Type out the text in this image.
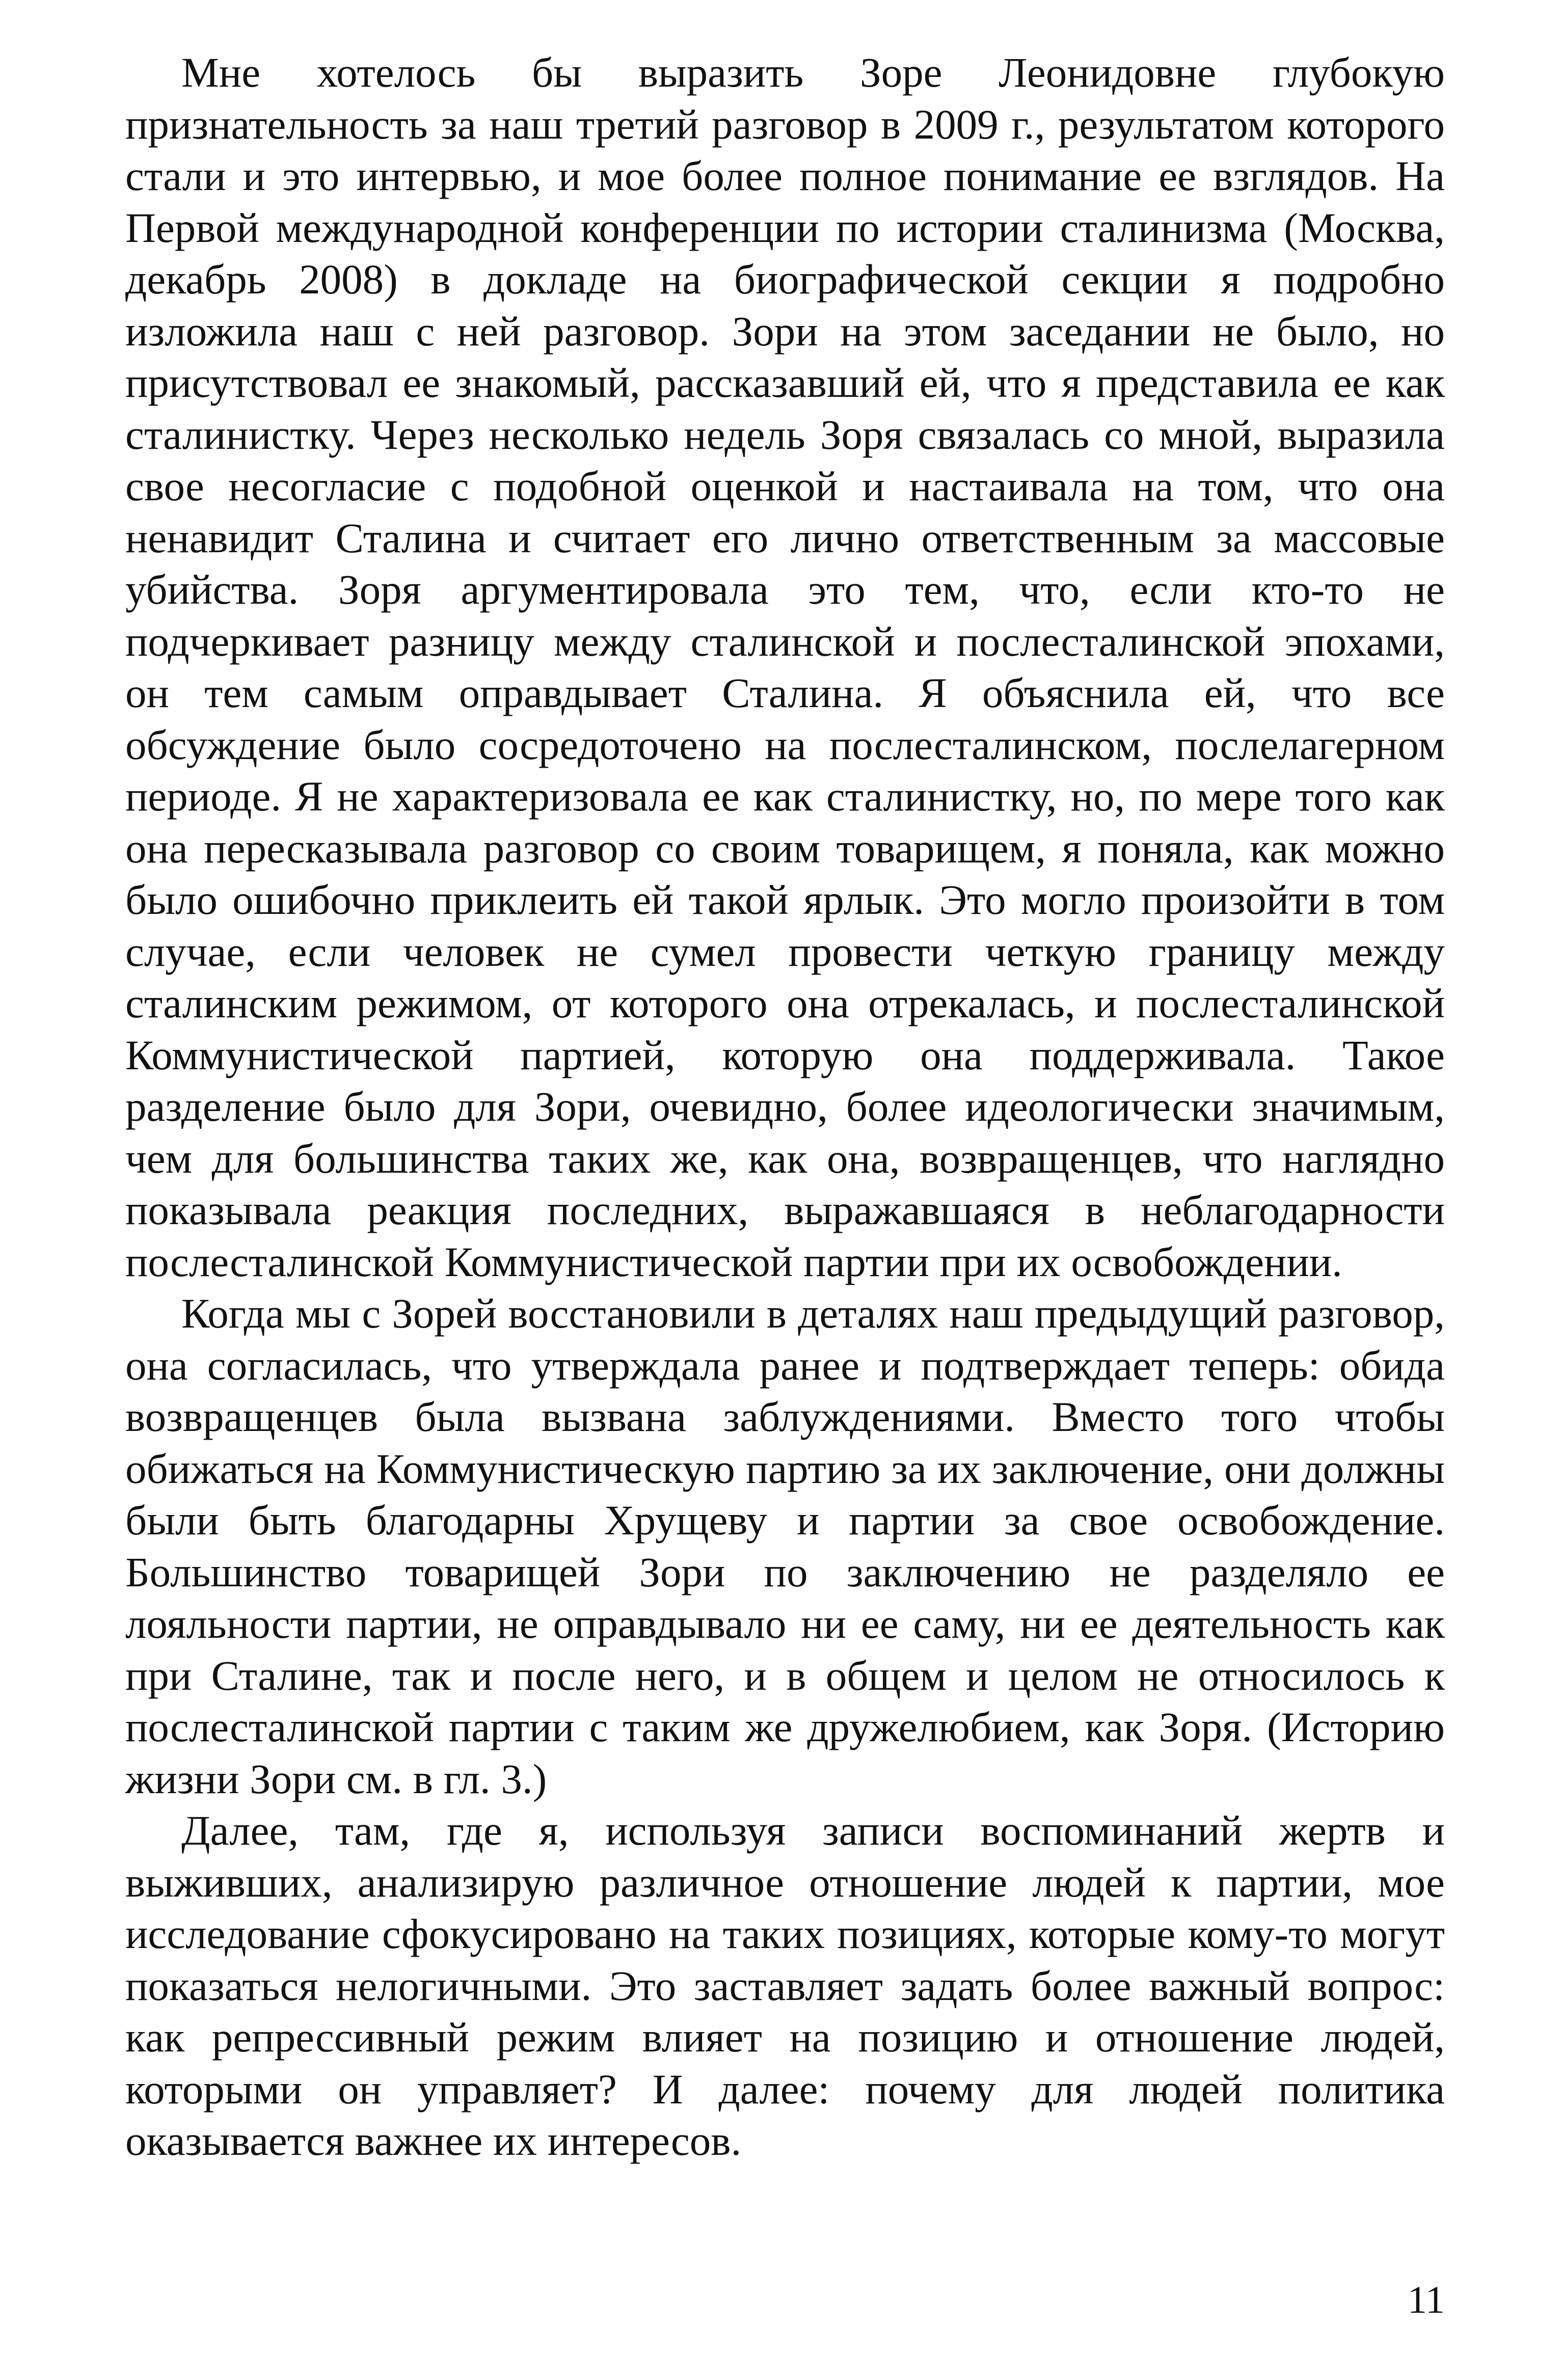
Мне хотелось бы выразить Зоре Леонидовне глубокую признательность за наш третий разговор в 2009 г., результатом которого стали и это интервью, и мое более полное понимание ее взглядов. На Первой международной конференции по истории сталинизма (Москва, декабрь 2008) в докладе на биографической секции я подробно изложила наш с ней разговор. Зори на этом заседании не было, но присутствовал ее знакомый, рассказавший ей, что я представила ее как сталинистку. Через несколько недель Зоря связалась со мной, выразила свое несогласие с подобной оценкой и настаивала на том, что она ненавидит Сталина и считает его лично ответственным за массовые убийства. Зоря аргументировала это тем, что, если кто-то не подчеркивает разницу между сталинской и послесталинской эпохами, он тем самым оправдывает Сталина. Я объяснила ей, что все обсуждение было сосредоточено на послесталинском, послелагерном периоде. Я не характеризовала ее как сталинистку, но, по мере того как она пересказывала разговор со своим товарищем, я поняла, как можно было ошибочно приклеить ей такой ярлык. Это могло произойти в том случае, если человек не сумел провести четкую границу между сталинским режимом, от которого она отрекалась, и послесталинской Коммунистической партией, которую она поддерживала. Такое разделение было для Зори, очевидно, более идеологически значимым, чем для большинства таких же, как она, возвращенцев, что наглядно показывала реакция последних, выражавшаяся в неблагодарности послесталинской Коммунистической партии при их освобождении.

Когда мы с Зорей восстановили в деталях наш предыдущий разговор, она согласилась, что утверждала ранее и подтверждает теперь: обида возвращенцев была вызвана заблуждениями. Вместо того чтобы обижаться на Коммунистическую партию за их заключение, они должны были быть благодарны Хрущеву и партии за свое освобождение. Большинство товарищей Зори по заключению не разделяло ее лояльности партии, не оправдывало ни ее саму, ни ее деятельность как при Сталине, так и после него, и в общем и целом не относилось к послесталинской партии с таким же дружелюбием, как Зоря. (Историю жизни Зори см. в гл. 3.)

Далее, там, где я, используя записи воспоминаний жертв и выживших, анализирую различное отношение людей к партии, мое исследование сфокусировано на таких позициях, которые кому-то могут показаться нелогичными. Это заставляет задать более важный вопрос: как репрессивный режим влияет на позицию и отношение людей, которыми он управляет? И далее: почему для людей политика оказывается важнее их интересов.

11
